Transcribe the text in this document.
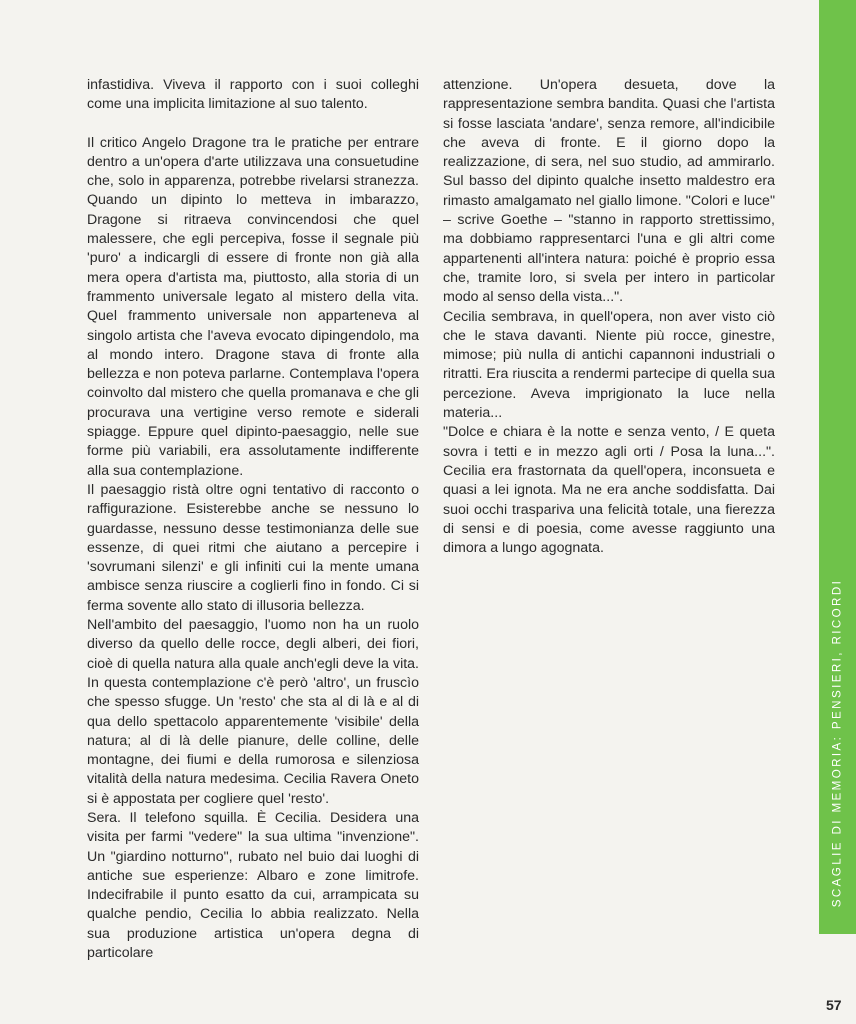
infastidiva. Viveva il rapporto con i suoi colleghi come una implicita limitazione al suo talento.

Il critico Angelo Dragone tra le pratiche per entrare dentro a un'opera d'arte utilizzava una consuetudine che, solo in apparenza, potrebbe rivelarsi stranezza. Quando un dipinto lo metteva in imbarazzo, Dragone si ritraeva convincendosi che quel malessere, che egli percepiva, fosse il segnale più 'puro' a indicargli di essere di fronte non già alla mera opera d'artista ma, piuttosto, alla storia di un frammento universale legato al mistero della vita. Quel frammento universale non apparteneva al singolo artista che l'aveva evocato dipingendolo, ma al mondo intero. Dragone stava di fronte alla bellezza e non poteva parlarne. Contemplava l'opera coinvolto dal mistero che quella promanava e che gli procurava una vertigine verso remote e siderali spiagge. Eppure quel dipinto-paesaggio, nelle sue forme più variabili, era assolutamente indifferente alla sua contemplazione.

Il paesaggio ristà oltre ogni tentativo di racconto o raffigurazione. Esisterebbe anche se nessuno lo guardasse, nessuno desse testimonianza delle sue essenze, di quei ritmi che aiutano a percepire i 'sovrumani silenzi' e gli infiniti cui la mente umana ambisce senza riuscire a coglierli fino in fondo. Ci si ferma sovente allo stato di illusoria bellezza.

Nell'ambito del paesaggio, l'uomo non ha un ruolo diverso da quello delle rocce, degli alberi, dei fiori, cioè di quella natura alla quale anch'egli deve la vita. In questa contemplazione c'è però 'altro', un fruscìo che spesso sfugge. Un 'resto' che sta al di là e al di qua dello spettacolo apparentemente 'visibile' della natura; al di là delle pianure, delle colline, delle montagne, dei fiumi e della rumorosa e silenziosa vitalità della natura medesima. Cecilia Ravera Oneto si è appostata per cogliere quel 'resto'.

Sera. Il telefono squilla. È Cecilia. Desidera una visita per farmi "vedere" la sua ultima "invenzione". Un "giardino notturno", rubato nel buio dai luoghi di antiche sue esperienze: Albaro e zone limitrofe. Indecifrabile il punto esatto da cui, arrampicata su qualche pendio, Cecilia lo abbia realizzato. Nella sua produzione artistica un'opera degna di particolare

attenzione. Un'opera desueta, dove la rappresentazione sembra bandita. Quasi che l'artista si fosse lasciata 'andare', senza remore, all'indicibile che aveva di fronte. E il giorno dopo la realizzazione, di sera, nel suo studio, ad ammirarlo. Sul basso del dipinto qualche insetto maldestro era rimasto amalgamato nel giallo limone. "Colori e luce" – scrive Goethe – "stanno in rapporto strettissimo, ma dobbiamo rappresentarci l'una e gli altri come appartenenti all'intera natura: poiché è proprio essa che, tramite loro, si svela per intero in particolar modo al senso della vista...".

Cecilia sembrava, in quell'opera, non aver visto ciò che le stava davanti. Niente più rocce, ginestre, mimose; più nulla di antichi capannoni industriali o ritratti. Era riuscita a rendermi partecipe di quella sua percezione. Aveva imprigionato la luce nella materia...

"Dolce e chiara è la notte e senza vento, / E queta sovra i tetti e in mezzo agli orti / Posa la luna...". Cecilia era frastornata da quell'opera, inconsueta e quasi a lei ignota. Ma ne era anche soddisfatta. Dai suoi occhi traspariva una felicità totale, una fierezza di sensi e di poesia, come avesse raggiunto una dimora a lungo agognata.

SCAGLIE DI MEMORIA: PENSIERI, RICORDI
57
